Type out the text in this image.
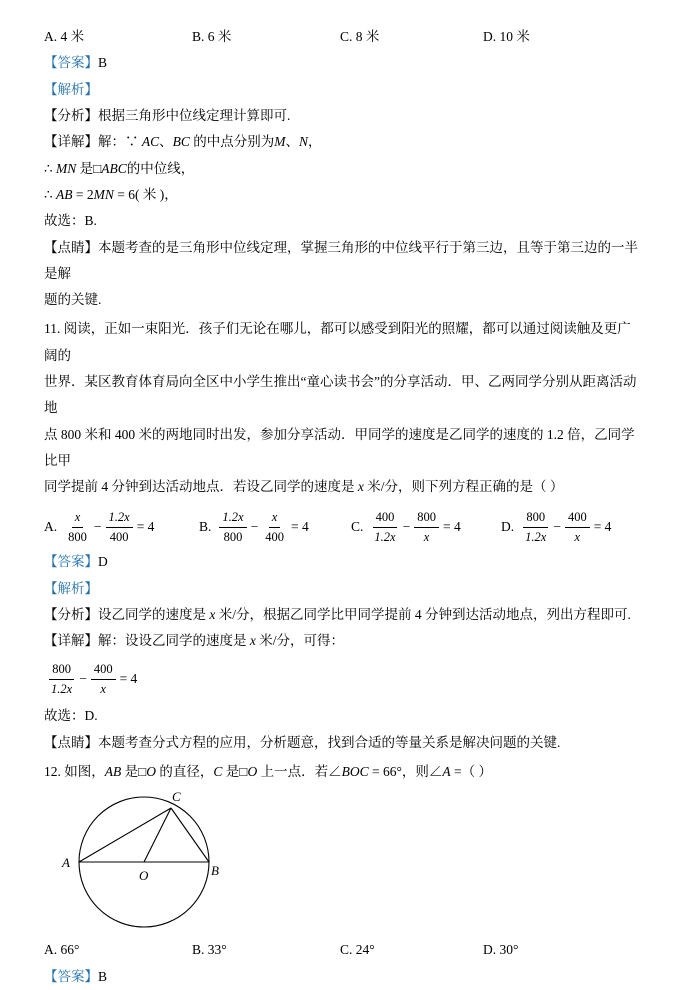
A. 4 米	B. 6 米	C. 8 米	D. 10 米
【答案】B
【解析】
【分析】根据三角形中位线定理计算即可.
【详解】解：∵ AC、BC 的中点分别为M、N，
∴ MN 是□ABC的中位线，
∴ AB = 2MN = 6( 米 )，
故选：B.
【点睛】本题考查的是三角形中位线定理，掌握三角形的中位线平行于第三边，且等于第三边的一半是解
题的关键.
11. 阅读，正如一束阳光．孩子们无论在哪儿，都可以感受到阳光的照耀，都可以通过阅读触及更广阔的
世界．某区教育体育局向全区中小学生推出“童心读书会”的分享活动．甲、乙两同学分别从距离活动地
点 800 米和 400 米的两地同时出发，参加分享活动．甲同学的速度是乙同学的速度的 1.2 倍，乙同学比甲
同学提前 4 分钟到达活动地点．若设乙同学的速度是 x 米/分，则下列方程正确的是（ ）
A. $\frac{x}{800} - \frac{1.2x}{400} = 4$	B. $\frac{1.2x}{800} - \frac{x}{400} = 4$	C. $\frac{400}{1.2x} - \frac{800}{x} = 4$	D. $\frac{800}{1.2x} - \frac{400}{x} = 4$
【答案】D
【解析】
【分析】设乙同学的速度是 x 米/分，根据乙同学比甲同学提前 4 分钟到达活动地点，列出方程即可.
【详解】解：设设乙同学的速度是 x 米/分，可得：
$\frac{800}{1.2x} - \frac{400}{x} = 4$
故选：D.
【点睛】本题考查分式方程的应用，分析题意，找到合适的等量关系是解决问题的关键.
12. 如图，AB 是□O 的直径，C 是□O 上一点．若∠BOC = 66°，则∠A =（ ）
C
A
O	B
A. 66°	B. 33°	C. 24°	D. 30°
【答案】B
